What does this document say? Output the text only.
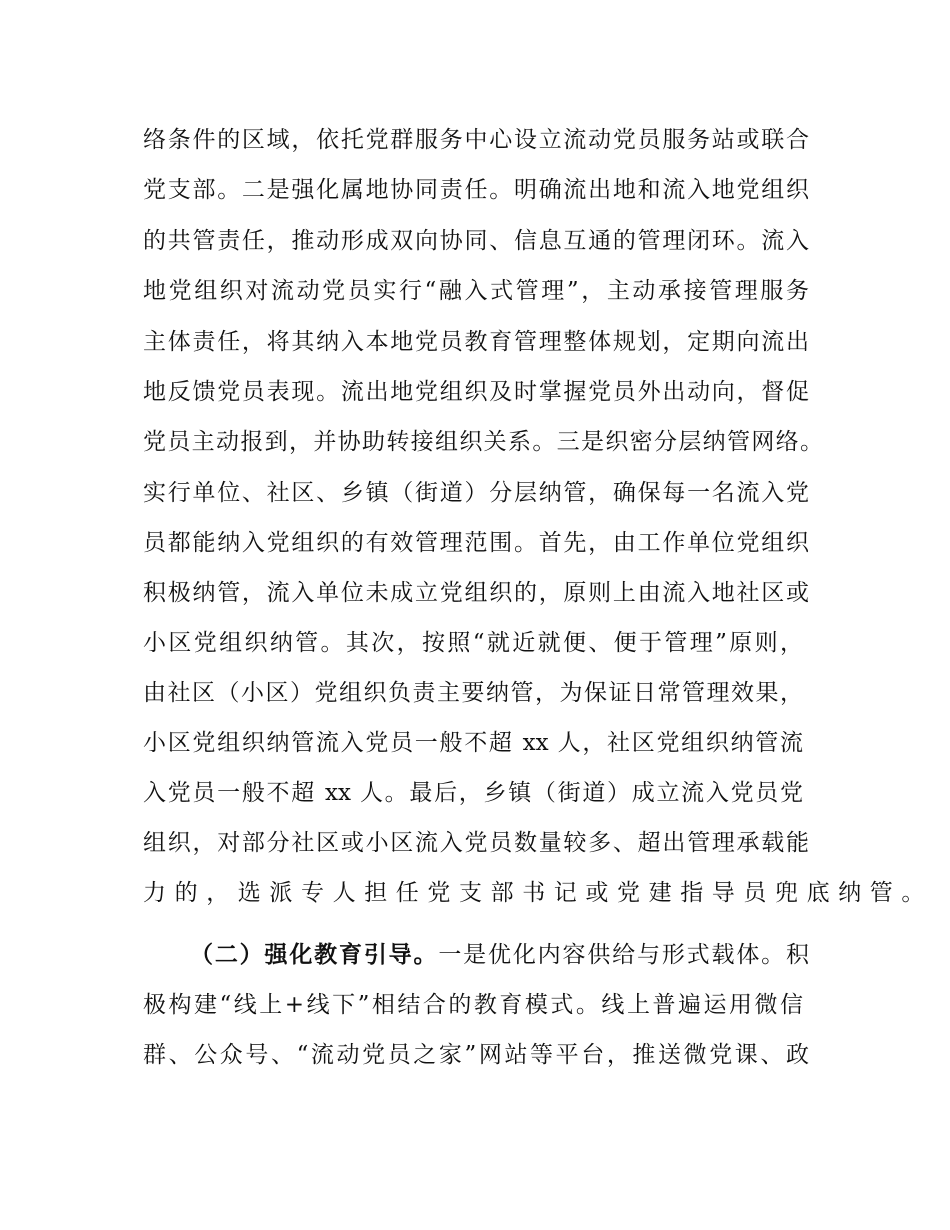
络条件的区域，依托党群服务中心设立流动党员服务站或联合
党支部。二是强化属地协同责任。明确流出地和流入地党组织
的共管责任，推动形成双向协同、信息互通的管理闭环。流入
地党组织对流动党员实行“融入式管理”，主动承接管理服务
主体责任，将其纳入本地党员教育管理整体规划，定期向流出
地反馈党员表现。流出地党组织及时掌握党员外出动向，督促
党员主动报到，并协助转接组织关系。三是织密分层纳管网络。
实行单位、社区、乡镇（街道）分层纳管，确保每一名流入党
员都能纳入党组织的有效管理范围。首先，由工作单位党组织
积极纳管，流入单位未成立党组织的，原则上由流入地社区或
小区党组织纳管。其次，按照“就近就便、便于管理”原则，
由社区（小区）党组织负责主要纳管，为保证日常管理效果，
小区党组织纳管流入党员一般不超 xx 人，社区党组织纳管流
入党员一般不超 xx 人。最后，乡镇（街道）成立流入党员党
组织，对部分社区或小区流入党员数量较多、超出管理承载能
力的，选派专人担任党支部书记或党建指导员兜底纳管。
（二）强化教育引导。一是优化内容供给与形式载体。积
极构建“线上+线下”相结合的教育模式。线上普遍运用微信
群、公众号、“流动党员之家”网站等平台，推送微党课、政
